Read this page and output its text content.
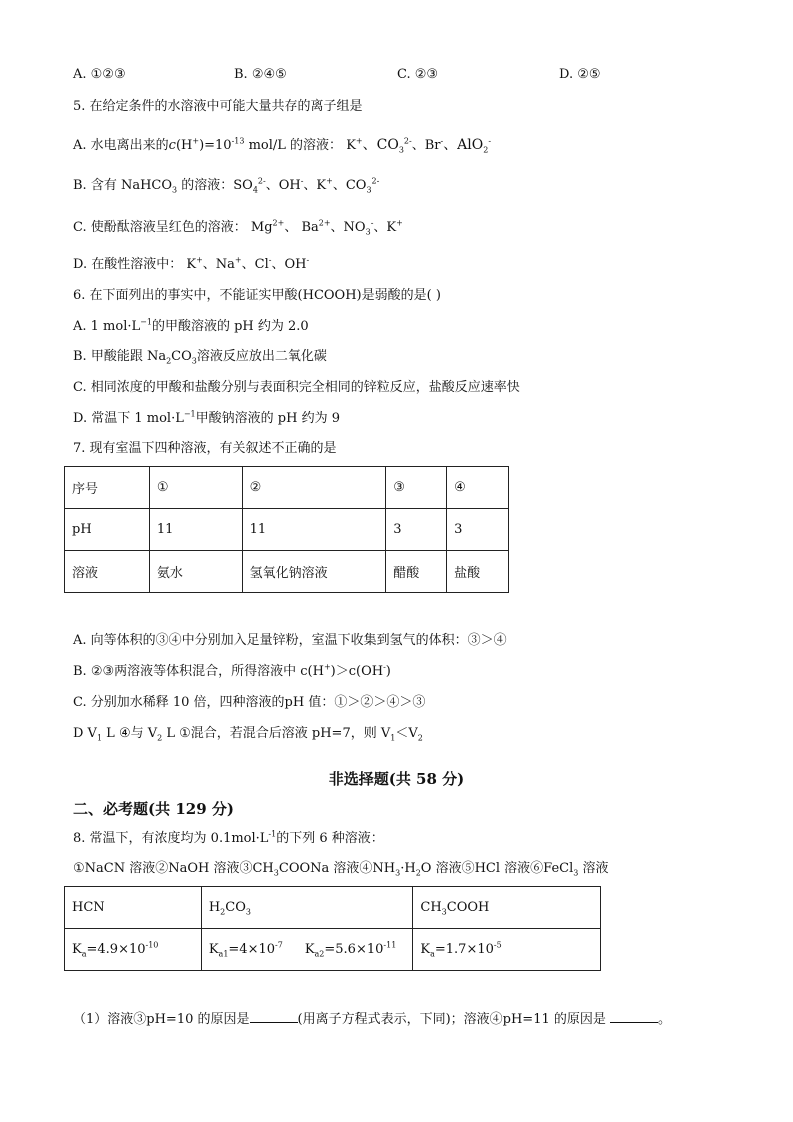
A. ①②③	B. ②④⑤	C. ②③	D. ②⑤
5. 在给定条件的水溶液中可能大量共存的离子组是
A. 水电离出来的$c(H^+)=10^{-13}$ mol/L 的溶液： K+、$CO_3^{2-}$、Br-、AlO$_2$-
B. 含有 NaHCO$_3$ 的溶液：$SO_4^{2-}$、OH-、K+、$CO_3^{2-}$
C. 使酚酞溶液呈红色的溶液： $Mg^{2+}$、 $Ba^{2+}$、$NO_3^-$、K+
D. 在酸性溶液中： K+、Na+、Cl-、OH-
6. 在下面列出的事实中，不能证实甲酸(HCOOH)是弱酸的是( )
A. 1 $mol\cdot L^{-1}$的甲酸溶液的 pH 约为 2.0
B. 甲酸能跟 $Na_2CO_3$溶液反应放出二氧化碳
C. 相同浓度的甲酸和盐酸分别与表面积完全相同的锌粒反应，盐酸反应速率快
D. 常温下 1 $mol\cdot L^{-1}$甲酸钠溶液的 pH 约为 9
7. 现有室温下四种溶液，有关叙述不正确的是
序号	①	②	③	④
pH	11	11	3	3
溶液	氨水	氢氧化钠溶液	醋酸	盐酸
A. 向等体积的③④中分别加入足量锌粉，室温下收集到氢气的体积：③＞④
B. ②③两溶液等体积混合，所得溶液中 c(H+)＞c(OH-)
C. 分别加水稀释 10 倍，四种溶液的pH 值：①＞②＞④＞③
D $V_1$ L ④与 $V_2$ L ①混合，若混合后溶液 pH=7，则 $V_1<V_2$
非选择题(共 58 分)
二、必考题(共 129 分)
8. 常温下，有浓度均为 $0.1mol\cdot L^{-1}$的下列 6 种溶液：
①NaCN 溶液②NaOH 溶液$③CH_3COONa$ 溶液$④NH_3\cdot H_2O$ 溶液⑤HCl 溶液⑥FeCl$_3$ 溶液
HCN	$H_2CO_3$	$CH_3COOH$
$K_a=4.9\times 10^{-10}$	$K_{a1}=4\times 10^{-7}$ $K_{a2}=5.6\times 10^{-11}$	$K_a=1.7\times 10^{-5}$
（1）溶液③pH=10 的原因是	(用离子方程式表示，下同)；溶液④pH=11 的原因是	。
